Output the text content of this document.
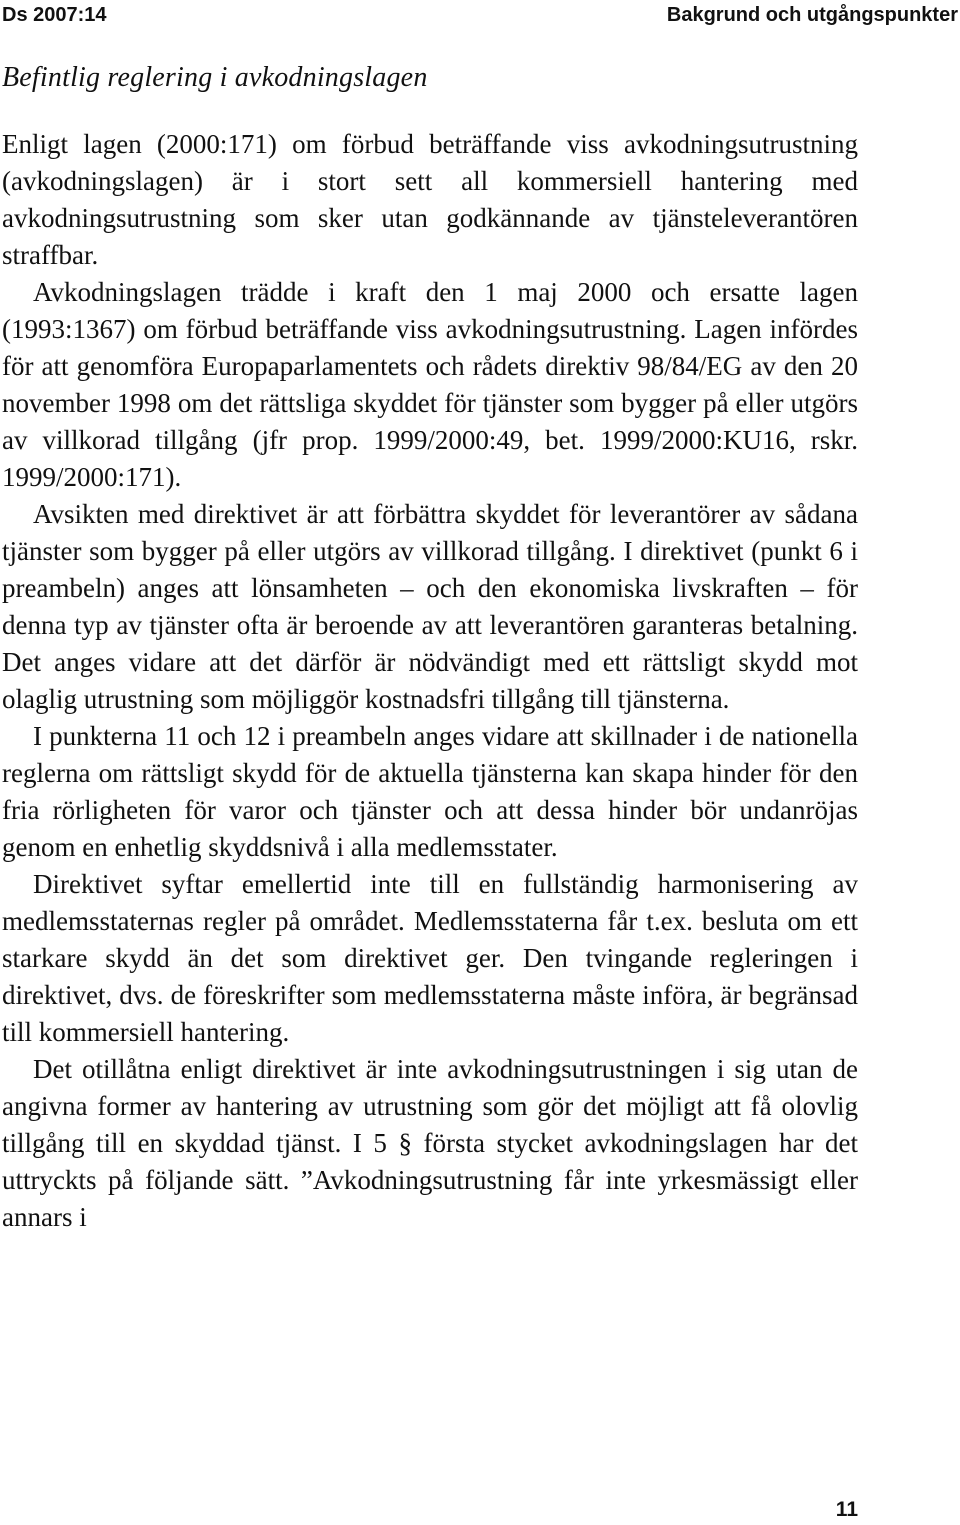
Ds 2007:14	Bakgrund och utgångspunkter
Befintlig reglering i avkodningslagen

Enligt lagen (2000:171) om förbud beträffande viss avkodningsutrustning (avkodningslagen) är i stort sett all kommersiell hantering med avkodningsutrustning som sker utan godkännande av tjänsteleverantören straffbar.

Avkodningslagen trädde i kraft den 1 maj 2000 och ersatte lagen (1993:1367) om förbud beträffande viss avkodningsutrustning. Lagen infördes för att genomföra Europaparlamentets och rådets direktiv 98/84/EG av den 20 november 1998 om det rättsliga skyddet för tjänster som bygger på eller utgörs av villkorad tillgång (jfr prop. 1999/2000:49, bet. 1999/2000:KU16, rskr. 1999/2000:171).

Avsikten med direktivet är att förbättra skyddet för leverantörer av sådana tjänster som bygger på eller utgörs av villkorad tillgång. I direktivet (punkt 6 i preambeln) anges att lönsamheten – och den ekonomiska livskraften – för denna typ av tjänster ofta är beroende av att leverantören garanteras betalning. Det anges vidare att det därför är nödvändigt med ett rättsligt skydd mot olaglig utrustning som möjliggör kostnadsfri tillgång till tjänsterna.

I punkterna 11 och 12 i preambeln anges vidare att skillnader i de nationella reglerna om rättsligt skydd för de aktuella tjänsterna kan skapa hinder för den fria rörligheten för varor och tjänster och att dessa hinder bör undanröjas genom en enhetlig skyddsnivå i alla medlemsstater.

Direktivet syftar emellertid inte till en fullständig harmonisering av medlemsstaternas regler på området. Medlemsstaterna får t.ex. besluta om ett starkare skydd än det som direktivet ger. Den tvingande regleringen i direktivet, dvs. de föreskrifter som medlemsstaterna måste införa, är begränsad till kommersiell hantering.

Det otillåtna enligt direktivet är inte avkodningsutrustningen i sig utan de angivna former av hantering av utrustning som gör det möjligt att få olovlig tillgång till en skyddad tjänst. I 5 § första stycket avkodningslagen har det uttryckts på följande sätt. ”Avkodningsutrustning får inte yrkesmässigt eller annars i

11
